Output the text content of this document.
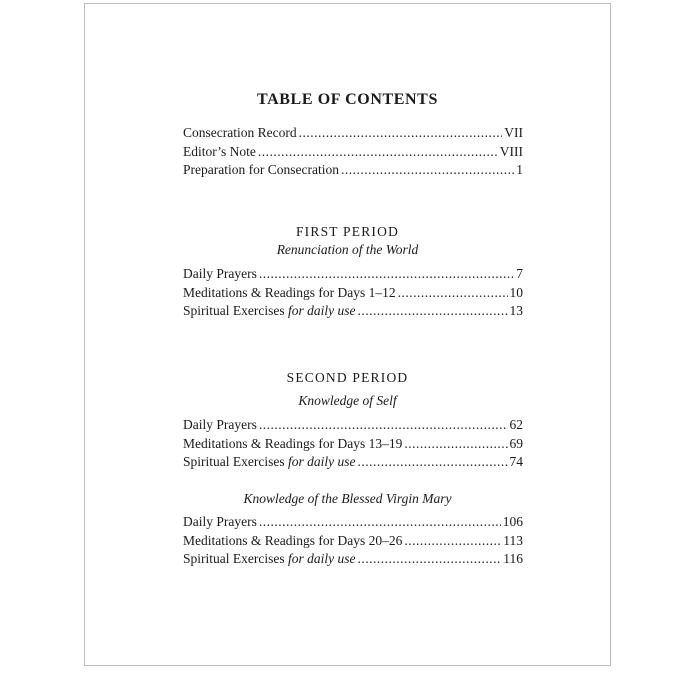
TABLE OF CONTENTS
Consecration Record .....	VII
Editor’s Note .....	VIII
Preparation for Consecration .....	1
FIRST PERIOD
Renunciation of the World
Daily Prayers .....	7
Meditations & Readings for Days 1–12 .....	10
Spiritual Exercises for daily use .....	13
SECOND PERIOD
Knowledge of Self
Daily Prayers .....	62
Meditations & Readings for Days 13–19 .....	69
Spiritual Exercises for daily use .....	74
Knowledge of the Blessed Virgin Mary
Daily Prayers .....	106
Meditations & Readings for Days 20–26 .....	113
Spiritual Exercises for daily use .....	116
